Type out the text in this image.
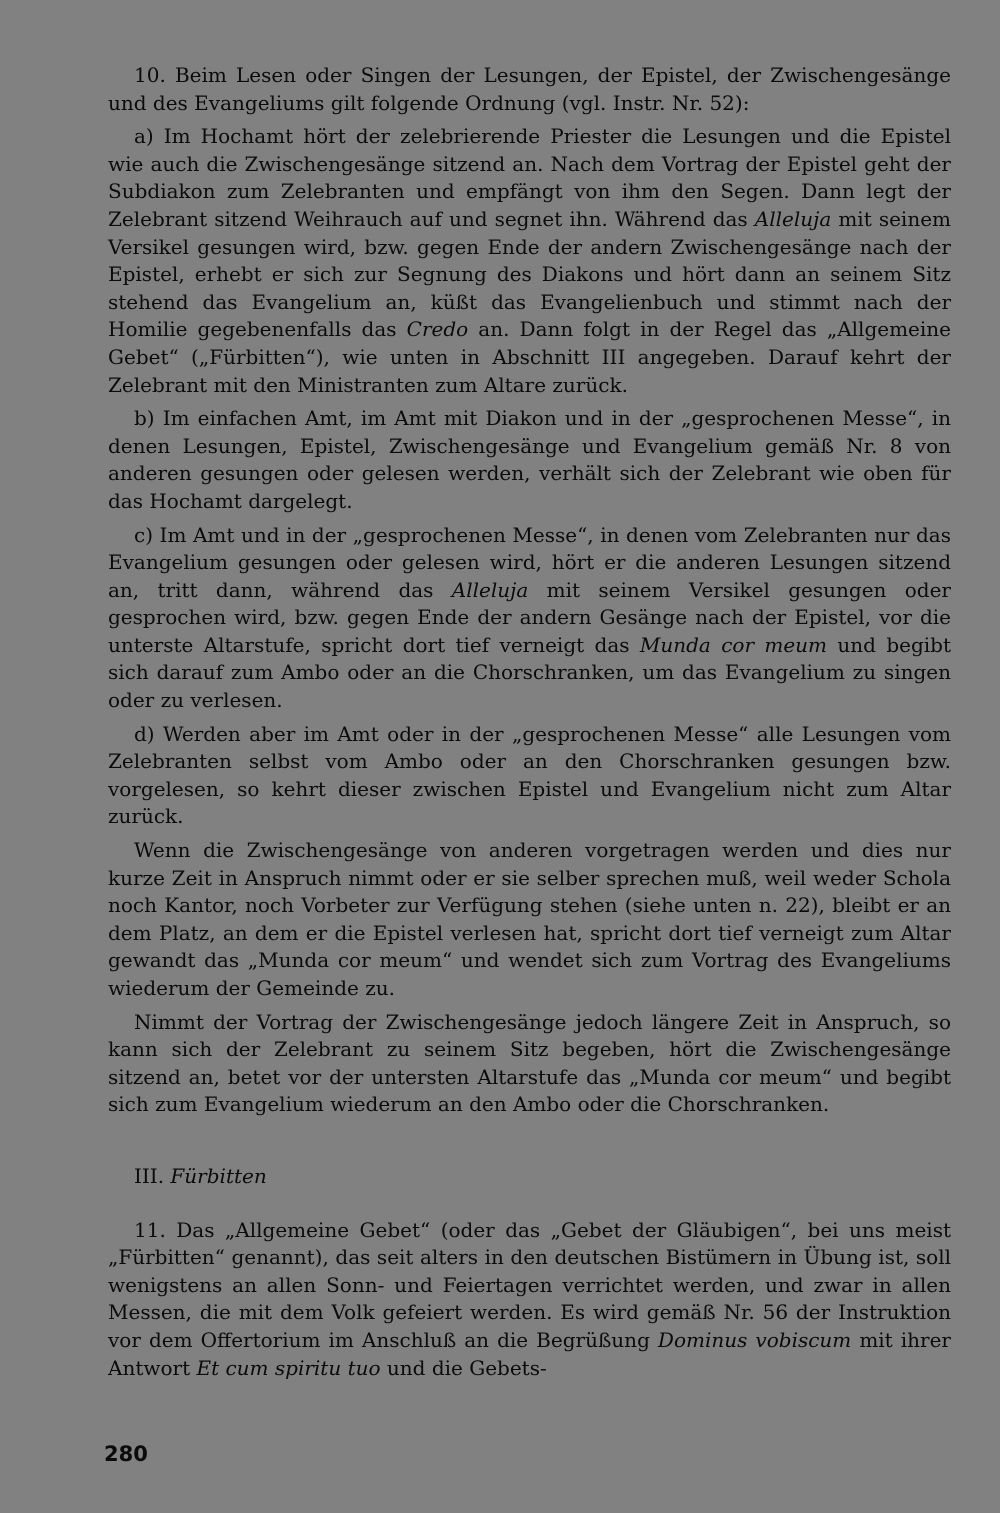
10. Beim Lesen oder Singen der Lesungen, der Epistel, der Zwischengesänge und des Evangeliums gilt folgende Ordnung (vgl. Instr. Nr. 52):

a) Im Hochamt hört der zelebrierende Priester die Lesungen und die Epistel wie auch die Zwischengesänge sitzend an. Nach dem Vortrag der Epistel geht der Subdiakon zum Zelebranten und empfängt von ihm den Segen. Dann legt der Zelebrant sitzend Weihrauch auf und segnet ihn. Während das Alleluja mit seinem Versikel gesungen wird, bzw. gegen Ende der andern Zwischengesänge nach der Epistel, erhebt er sich zur Segnung des Diakons und hört dann an seinem Sitz stehend das Evangelium an, küßt das Evangelienbuch und stimmt nach der Homilie gegebenenfalls das Credo an. Dann folgt in der Regel das „Allgemeine Gebet“ („Fürbitten“), wie unten in Abschnitt III angegeben. Darauf kehrt der Zelebrant mit den Ministranten zum Altare zurück.

b) Im einfachen Amt, im Amt mit Diakon und in der „gesprochenen Messe“, in denen Lesungen, Epistel, Zwischengesänge und Evangelium gemäß Nr. 8 von anderen gesungen oder gelesen werden, verhält sich der Zelebrant wie oben für das Hochamt dargelegt.

c) Im Amt und in der „gesprochenen Messe“, in denen vom Zelebranten nur das Evangelium gesungen oder gelesen wird, hört er die anderen Lesungen sitzend an, tritt dann, während das Alleluja mit seinem Versikel gesungen oder gesprochen wird, bzw. gegen Ende der andern Gesänge nach der Epistel, vor die unterste Altarstufe, spricht dort tief verneigt das Munda cor meum und begibt sich darauf zum Ambo oder an die Chorschranken, um das Evangelium zu singen oder zu verlesen.

d) Werden aber im Amt oder in der „gesprochenen Messe“ alle Lesungen vom Zelebranten selbst vom Ambo oder an den Chorschranken gesungen bzw. vorgelesen, so kehrt dieser zwischen Epistel und Evangelium nicht zum Altar zurück.

Wenn die Zwischengesänge von anderen vorgetragen werden und dies nur kurze Zeit in Anspruch nimmt oder er sie selber sprechen muß, weil weder Schola noch Kantor, noch Vorbeter zur Verfügung stehen (siehe unten n. 22), bleibt er an dem Platz, an dem er die Epistel verlesen hat, spricht dort tief verneigt zum Altar gewandt das „Munda cor meum“ und wendet sich zum Vortrag des Evangeliums wiederum der Gemeinde zu.

Nimmt der Vortrag der Zwischengesänge jedoch längere Zeit in Anspruch, so kann sich der Zelebrant zu seinem Sitz begeben, hört die Zwischengesänge sitzend an, betet vor der untersten Altarstufe das „Munda cor meum“ und begibt sich zum Evangelium wiederum an den Ambo oder die Chorschranken.

III. Fürbitten

11. Das „Allgemeine Gebet“ (oder das „Gebet der Gläubigen“, bei uns meist „Fürbitten“ genannt), das seit alters in den deutschen Bistümern in Übung ist, soll wenigstens an allen Sonn- und Feiertagen verrichtet werden, und zwar in allen Messen, die mit dem Volk gefeiert werden. Es wird gemäß Nr. 56 der Instruktion vor dem Offertorium im Anschluß an die Begrüßung Dominus vobiscum mit ihrer Antwort Et cum spiritu tuo und die Gebets-

280
